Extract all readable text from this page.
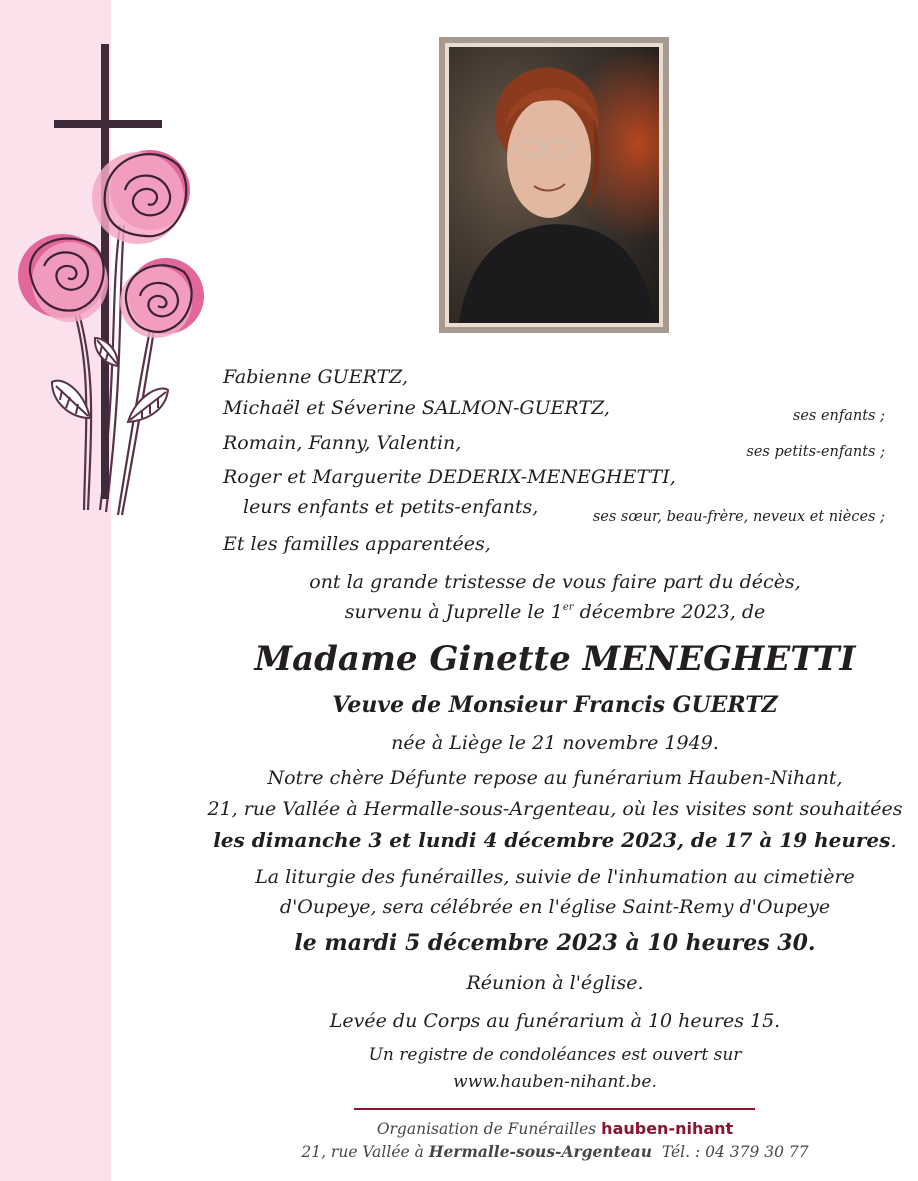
Fabienne GUERTZ,
Michaël et Séverine SALMON-GUERTZ,
Romain, Fanny, Valentin,
Roger et Marguerite DEDERIX-MENEGHETTI,
leurs enfants et petits-enfants,
Et les familles apparentées,
ses enfants ;
ses petits-enfants ;
ses sœur, beau-frère, neveux et nièces ;
ont la grande tristesse de vous faire part du décès,
survenu à Juprelle le 1er décembre 2023, de
Madame Ginette MENEGHETTI
Veuve de Monsieur Francis GUERTZ
née à Liège le 21 novembre 1949.
Notre chère Défunte repose au funérarium Hauben-Nihant,
21, rue Vallée à Hermalle-sous-Argenteau, où les visites sont souhaitées
les dimanche 3 et lundi 4 décembre 2023, de 17 à 19 heures.
La liturgie des funérailles, suivie de l'inhumation au cimetière
d'Oupeye, sera célébrée en l'église Saint-Remy d'Oupeye
le mardi 5 décembre 2023 à 10 heures 30.
Réunion à l'église.
Levée du Corps au funérarium à 10 heures 15.
Un registre de condoléances est ouvert sur
www.hauben-nihant.be.
Organisation de Funérailles hauben-nihant
21, rue Vallée à Hermalle-sous-Argenteau Tél. : 04 379 30 77
